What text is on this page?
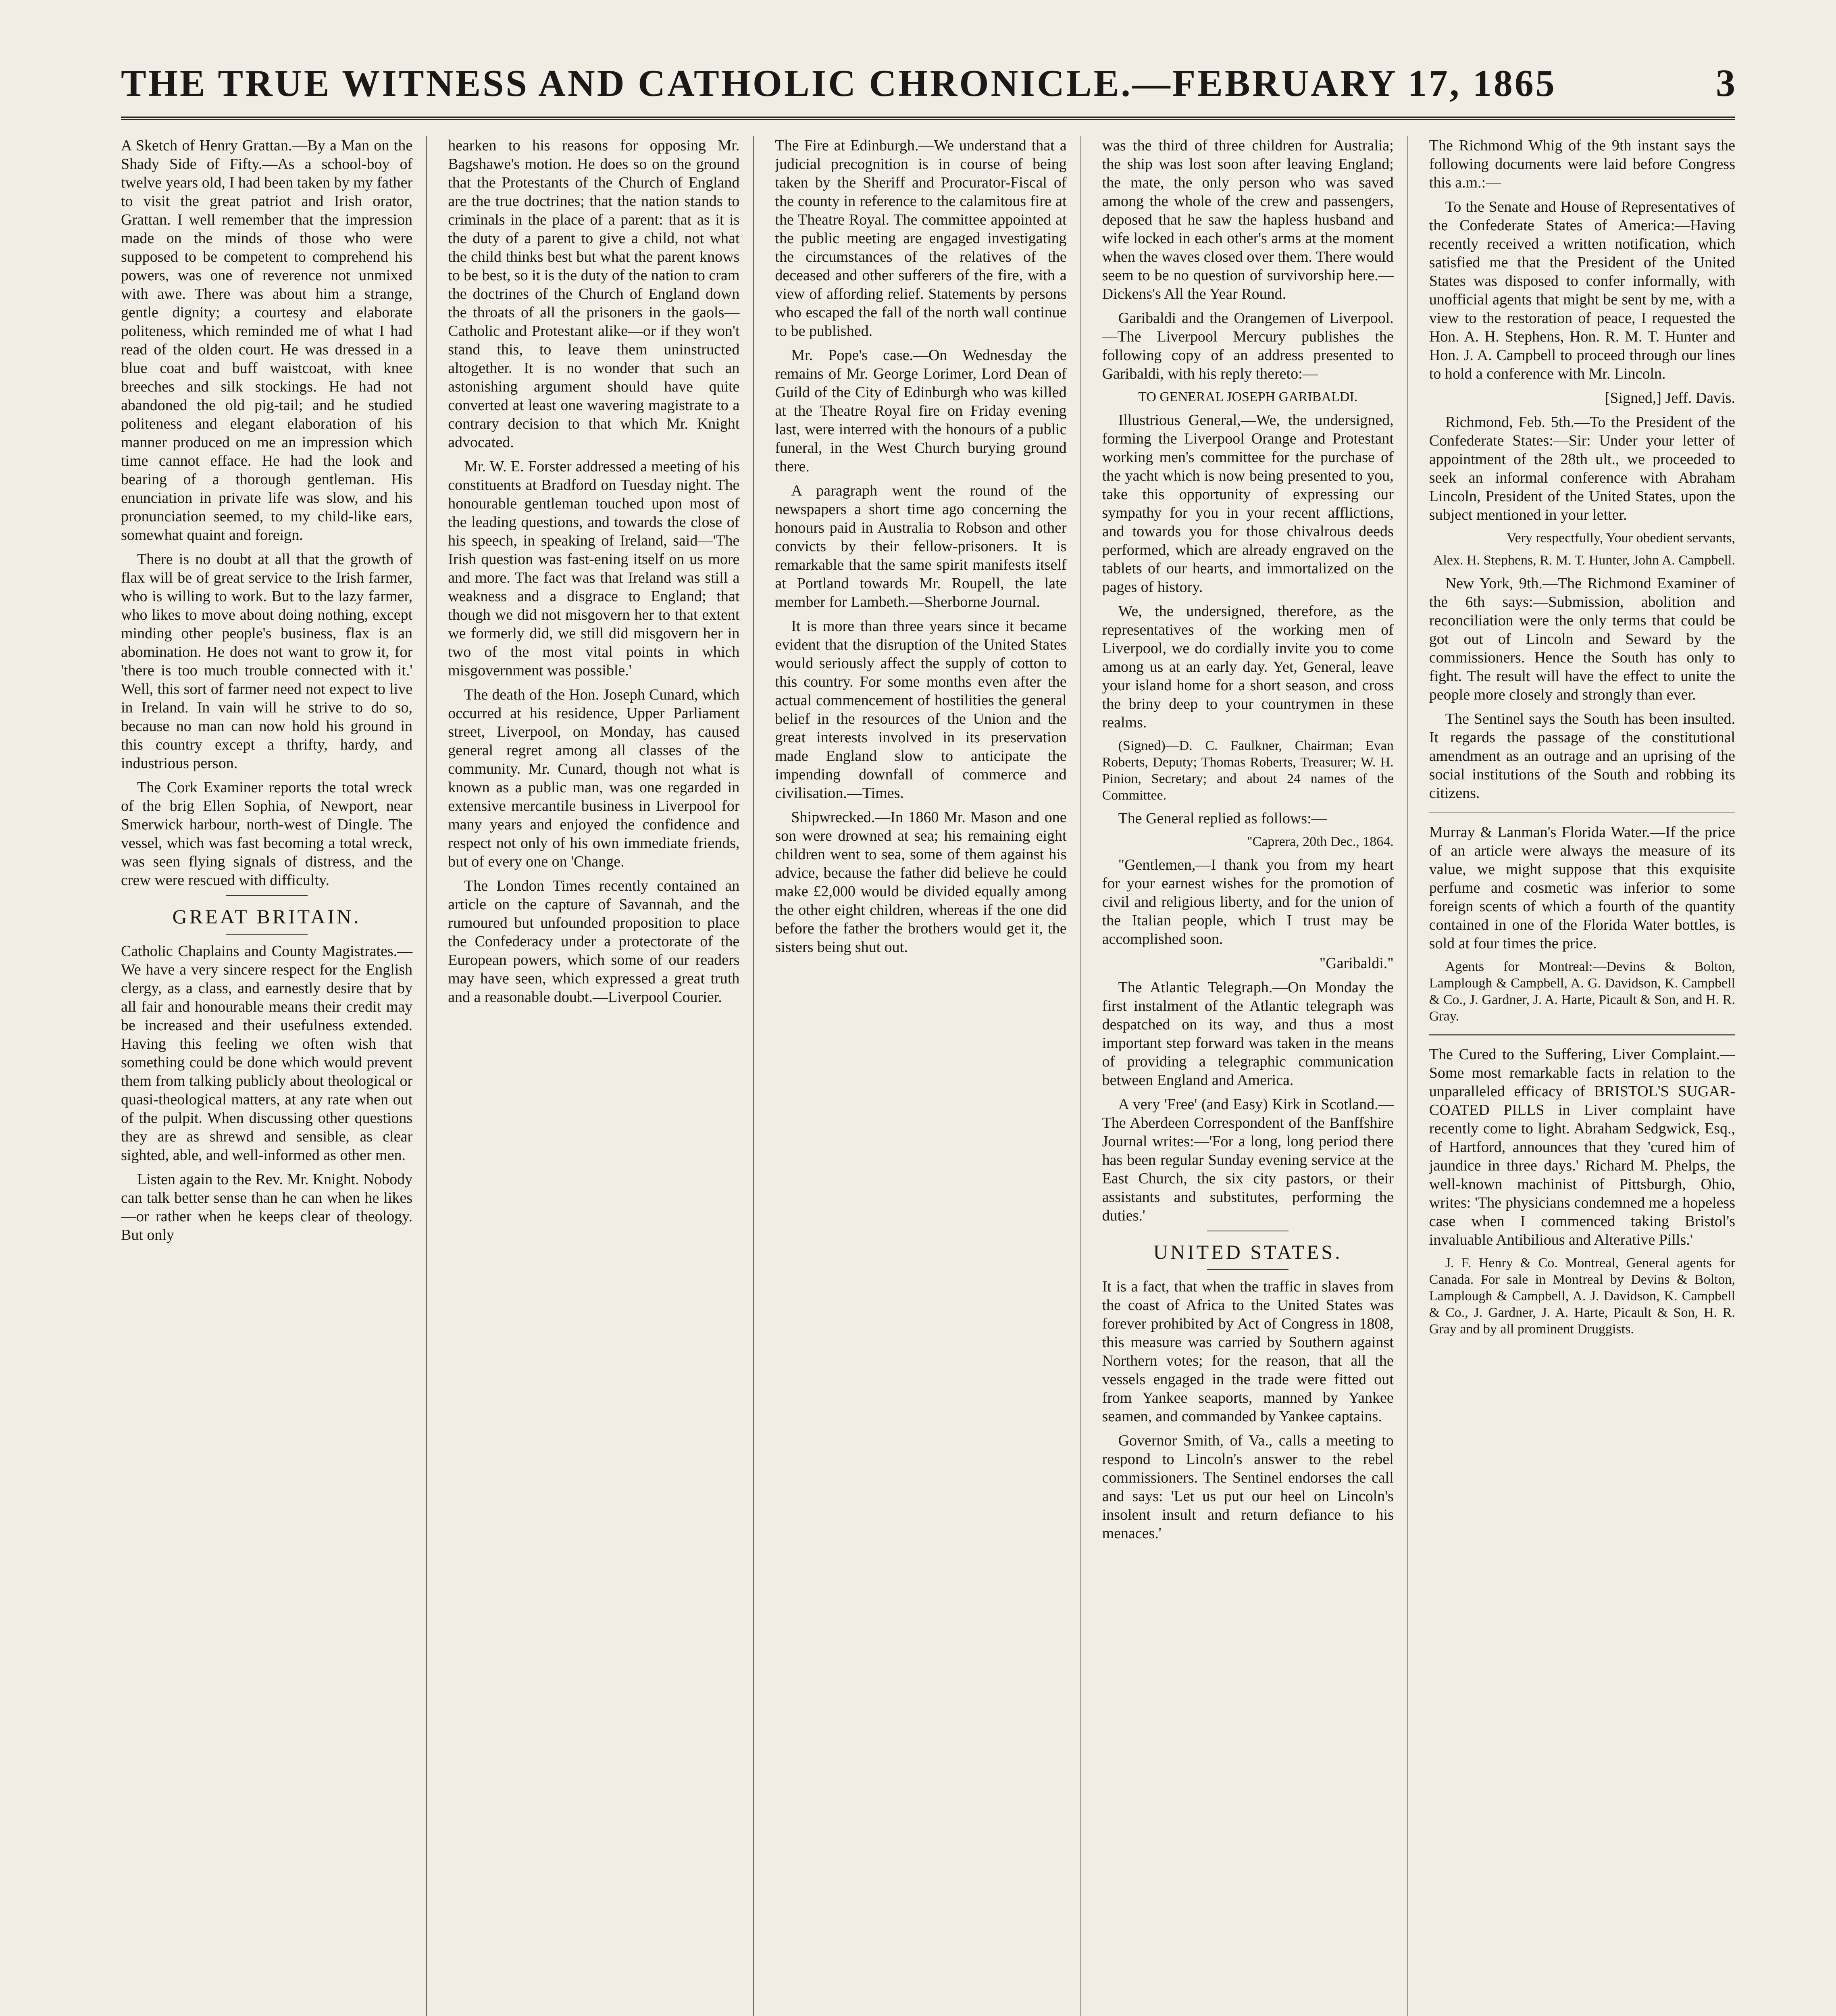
THE TRUE WITNESS AND CATHOLIC CHRONICLE.—FEBRUARY 17, 1865	3

A Sketch of Henry Grattan.—By a Man on the Shady Side of Fifty.—As a school-boy of twelve years old, I had been taken by my father to visit the great patriot and Irish orator, Grattan. I well remember that the impression made on the minds of those who were supposed to be competent to comprehend his powers, was one of reverence not unmixed with awe. There was about him a strange, gentle dignity; a courtesy and elaborate politeness, which reminded me of what I had read of the olden court. He was dressed in a blue coat and buff waistcoat, with knee breeches and silk stockings. He had not abandoned the old pig-tail; and he studied politeness and elegant elaboration of his manner produced on me an impression which time cannot efface. He had the look and bearing of a thorough gentleman. His enunciation in private life was slow, and his pronunciation seemed, to my child-like ears, somewhat quaint and foreign.

There is no doubt at all that the growth of flax will be of great service to the Irish farmer, who is willing to work. But to the lazy farmer, who likes to move about doing nothing, except minding other people's business, flax is an abomination. He does not want to grow it, for 'there is too much trouble connected with it.' Well, this sort of farmer need not expect to live in Ireland. In vain will he strive to do so, because no man can now hold his ground in this country except a thrifty, hardy, and industrious person.

The Cork Examiner reports the total wreck of the brig Ellen Sophia, of Newport, near Smerwick harbour, north-west of Dingle. The vessel, which was fast becoming a total wreck, was seen flying signals of distress, and the crew were rescued with difficulty.

GREAT BRITAIN.

Catholic Chaplains and County Magistrates.—We have a very sincere respect for the English clergy, as a class, and earnestly desire that by all fair and honourable means their credit may be increased and their usefulness extended. Having this feeling we often wish that something could be done which would prevent them from talking publicly about theological or quasi-theological matters, at any rate when out of the pulpit. When discussing other questions they are as shrewd and sensible, as clear sighted, able, and well-informed as other men.

Listen again to the Rev. Mr. Knight. Nobody can talk better sense than he can when he likes—or rather when he keeps clear of theology. But only

hearken to his reasons for opposing Mr. Bagshawe's motion. He does so on the ground that the Protestants of the Church of England are the true doctrines; that the nation stands to criminals in the place of a parent: that as it is the duty of a parent to give a child, not what the child thinks best but what the parent knows to be best, so it is the duty of the nation to cram the doctrines of the Church of England down the throats of all the prisoners in the gaols—Catholic and Protestant alike—or if they won't stand this, to leave them uninstructed altogether. It is no wonder that such an astonishing argument should have quite converted at least one wavering magistrate to a contrary decision to that which Mr. Knight advocated.

Mr. W. E. Forster addressed a meeting of his constituents at Bradford on Tuesday night. The honourable gentleman touched upon most of the leading questions, and towards the close of his speech, in speaking of Ireland, said—'The Irish question was fast-ening itself on us more and more. The fact was that Ireland was still a weakness and a disgrace to England; that though we did not misgovern her to that extent we formerly did, we still did misgovern her in two of the most vital points in which misgovernment was possible.'

The death of the Hon. Joseph Cunard, which occurred at his residence, Upper Parliament street, Liverpool, on Monday, has caused general regret among all classes of the community. Mr. Cunard, though not what is known as a public man, was one regarded in extensive mercantile business in Liverpool for many years and enjoyed the confidence and respect not only of his own immediate friends, but of every one on 'Change.

The London Times recently contained an article on the capture of Savannah, and the rumoured but unfounded proposition to place the Confederacy under a protectorate of the European powers, which some of our readers may have seen, which expressed a great truth and a reasonable doubt.—Liverpool Courier.

The Fire at Edinburgh.—We understand that a judicial precognition is in course of being taken by the Sheriff and Procurator-Fiscal of the county in reference to the calamitous fire at the Theatre Royal. The committee appointed at the public meeting are engaged investigating the circumstances of the relatives of the deceased and other sufferers of the fire, with a view of affording relief. Statements by persons who escaped the fall of the north wall continue to be published.

Mr. Pope's case.—On Wednesday the remains of Mr. George Lorimer, Lord Dean of Guild of the City of Edinburgh who was killed at the Theatre Royal fire on Friday evening last, were interred with the honours of a public funeral, in the West Church burying ground there.

A paragraph went the round of the newspapers a short time ago concerning the honours paid in Australia to Robson and other convicts by their fellow-prisoners. It is remarkable that the same spirit manifests itself at Portland towards Mr. Roupell, the late member for Lambeth.—Sherborne Journal.

It is more than three years since it became evident that the disruption of the United States would seriously affect the supply of cotton to this country. For some months even after the actual commencement of hostilities the general belief in the resources of the Union and the great interests involved in its preservation made England slow to anticipate the impending downfall of commerce and civilisation.—Times.

Shipwrecked.—In 1860 Mr. Mason and one son were drowned at sea; his remaining eight children went to sea, some of them against his advice, because the father did believe he could make £2,000 would be divided equally among the other eight children, whereas if the one did before the father the brothers would get it, the sisters being shut out.

was the third of three children for Australia; the ship was lost soon after leaving England; the mate, the only person who was saved among the whole of the crew and passengers, deposed that he saw the hapless husband and wife locked in each other's arms at the moment when the waves closed over them. There would seem to be no question of survivorship here.—Dickens's All the Year Round.

Garibaldi and the Orangemen of Liverpool.—The Liverpool Mercury publishes the following copy of an address presented to Garibaldi, with his reply thereto:—

TO GENERAL JOSEPH GARIBALDI.

Illustrious General,—We, the undersigned, forming the Liverpool Orange and Protestant working men's committee for the purchase of the yacht which is now being presented to you, take this opportunity of expressing our sympathy for you in your recent afflictions, and towards you for those chivalrous deeds performed, which are already engraved on the tablets of our hearts, and immortalized on the pages of history.

We, the undersigned, therefore, as the representatives of the working men of Liverpool, we do cordially invite you to come among us at an early day. Yet, General, leave your island home for a short season, and cross the briny deep to your countrymen in these realms.

(Signed)—D. C. Faulkner, Chairman; Evan Roberts, Deputy; Thomas Roberts, Treasurer; W. H. Pinion, Secretary; and about 24 names of the Committee.

The General replied as follows:—

"Caprera, 20th Dec., 1864.

"Gentlemen,—I thank you from my heart for your earnest wishes for the promotion of civil and religious liberty, and for the union of the Italian people, which I trust may be accomplished soon.

"Garibaldi."

The Atlantic Telegraph.—On Monday the first instalment of the Atlantic telegraph was despatched on its way, and thus a most important step forward was taken in the means of providing a telegraphic communication between England and America.

A very 'Free' (and Easy) Kirk in Scotland.—The Aberdeen Correspondent of the Banffshire Journal writes:—'For a long, long period there has been regular Sunday evening service at the East Church, the six city pastors, or their assistants and substitutes, performing the duties.'

UNITED STATES.

It is a fact, that when the traffic in slaves from the coast of Africa to the United States was forever prohibited by Act of Congress in 1808, this measure was carried by Southern against Northern votes; for the reason, that all the vessels engaged in the trade were fitted out from Yankee seaports, manned by Yankee seamen, and commanded by Yankee captains.

Governor Smith, of Va., calls a meeting to respond to Lincoln's answer to the rebel commissioners. The Sentinel endorses the call and says: 'Let us put our heel on Lincoln's insolent insult and return defiance to his menaces.'

The Richmond Whig of the 9th instant says the following documents were laid before Congress this a.m.:—

To the Senate and House of Representatives of the Confederate States of America:—Having recently received a written notification, which satisfied me that the President of the United States was disposed to confer informally, with unofficial agents that might be sent by me, with a view to the restoration of peace, I requested the Hon. A. H. Stephens, Hon. R. M. T. Hunter and Hon. J. A. Campbell to proceed through our lines to hold a conference with Mr. Lincoln.

[Signed,] Jeff. Davis.

Richmond, Feb. 5th.—To the President of the Confederate States:—Sir: Under your letter of appointment of the 28th ult., we proceeded to seek an informal conference with Abraham Lincoln, President of the United States, upon the subject mentioned in your letter.

Very respectfully, Your obedient servants,

Alex. H. Stephens, R. M. T. Hunter, John A. Campbell.

New York, 9th.—The Richmond Examiner of the 6th says:—Submission, abolition and reconciliation were the only terms that could be got out of Lincoln and Seward by the commissioners. Hence the South has only to fight. The result will have the effect to unite the people more closely and strongly than ever.

The Sentinel says the South has been insulted. It regards the passage of the constitutional amendment as an outrage and an uprising of the social institutions of the South and robbing its citizens.

Murray & Lanman's Florida Water.—If the price of an article were always the measure of its value, we might suppose that this exquisite perfume and cosmetic was inferior to some foreign scents of which a fourth of the quantity contained in one of the Florida Water bottles, is sold at four times the price.

Agents for Montreal:—Devins & Bolton, Lamplough & Campbell, A. G. Davidson, K. Campbell & Co., J. Gardner, J. A. Harte, Picault & Son, and H. R. Gray.

The Cured to the Suffering, Liver Complaint.—Some most remarkable facts in relation to the unparalleled efficacy of BRISTOL'S SUGAR-COATED PILLS in Liver complaint have recently come to light. Abraham Sedgwick, Esq., of Hartford, announces that they 'cured him of jaundice in three days.' Richard M. Phelps, the well-known machinist of Pittsburgh, Ohio, writes: 'The physicians condemned me a hopeless case when I commenced taking Bristol's invaluable Antibilious and Alterative Pills.'

J. F. Henry & Co. Montreal, General agents for Canada. For sale in Montreal by Devins & Bolton, Lamplough & Campbell, A. J. Davidson, K. Campbell & Co., J. Gardner, J. A. Harte, Picault & Son, H. R. Gray and by all prominent Druggists.
